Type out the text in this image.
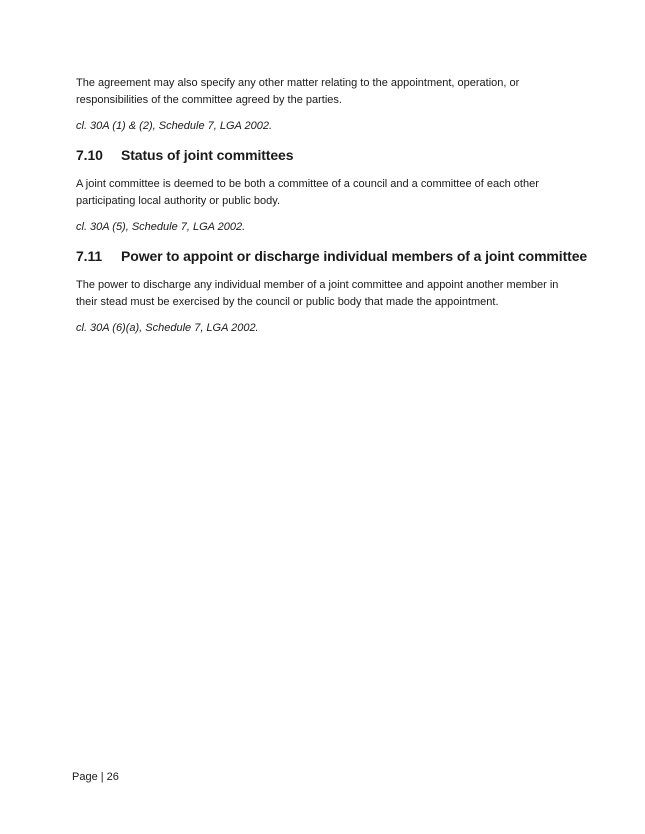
The agreement may also specify any other matter relating to the appointment, operation, or responsibilities of the committee agreed by the parties.

cl. 30A (1) & (2), Schedule 7, LGA 2002.

7.10 Status of joint committees

A joint committee is deemed to be both a committee of a council and a committee of each other participating local authority or public body.

cl. 30A (5), Schedule 7, LGA 2002.

7.11 Power to appoint or discharge individual members of a joint committee

The power to discharge any individual member of a joint committee and appoint another member in their stead must be exercised by the council or public body that made the appointment.

cl. 30A (6)(a), Schedule 7, LGA 2002.

Page | 26
